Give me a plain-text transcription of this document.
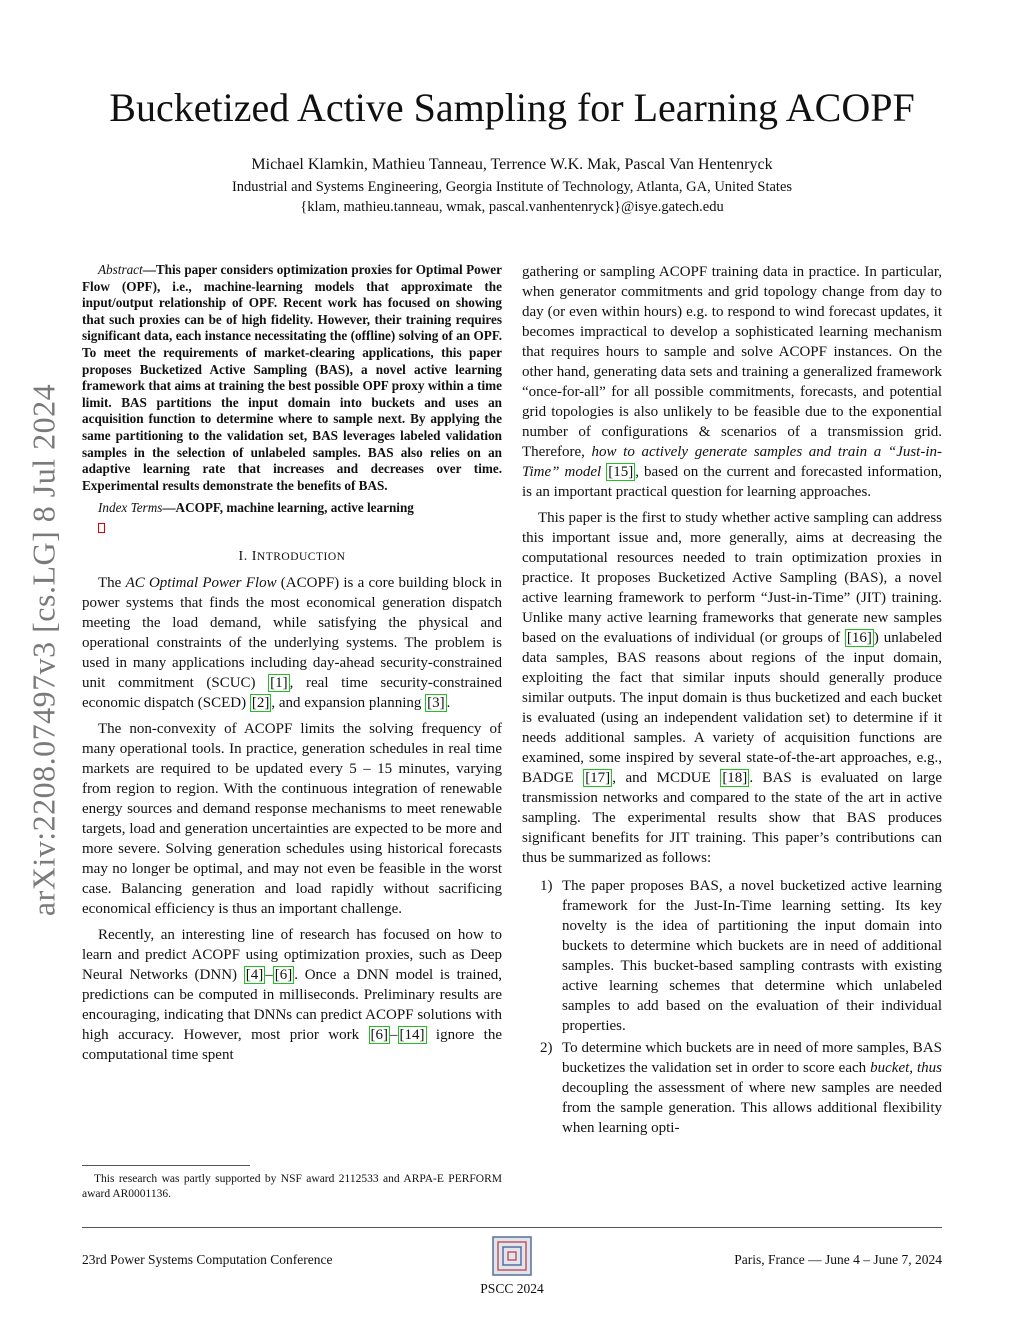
arXiv:2208.07497v3 [cs.LG] 8 Jul 2024
Bucketized Active Sampling for Learning ACOPF
Michael Klamkin, Mathieu Tanneau, Terrence W.K. Mak, Pascal Van Hentenryck
Industrial and Systems Engineering, Georgia Institute of Technology, Atlanta, GA, United States
{klam, mathieu.tanneau, wmak, pascal.vanhentenryck}@isye.gatech.edu

Abstract—This paper considers optimization proxies for Optimal Power Flow (OPF), i.e., machine-learning models that approximate the input/output relationship of OPF. Recent work has focused on showing that such proxies can be of high fidelity. However, their training requires significant data, each instance necessitating the (offline) solving of an OPF. To meet the requirements of market-clearing applications, this paper proposes Bucketized Active Sampling (BAS), a novel active learning framework that aims at training the best possible OPF proxy within a time limit. BAS partitions the input domain into buckets and uses an acquisition function to determine where to sample next. By applying the same partitioning to the validation set, BAS leverages labeled validation samples in the selection of unlabeled samples. BAS also relies on an adaptive learning rate that increases and decreases over time. Experimental results demonstrate the benefits of BAS.

Index Terms—ACOPF, machine learning, active learning

I. INTRODUCTION

The AC Optimal Power Flow (ACOPF) is a core building block in power systems that finds the most economical generation dispatch meeting the load demand, while satisfying the physical and operational constraints of the underlying systems. The problem is used in many applications including day-ahead security-constrained unit commitment (SCUC) [1] , real time security-constrained economic dispatch (SCED) [2] , and expansion planning [3] .

The non-convexity of ACOPF limits the solving frequency of many operational tools. In practice, generation schedules in real time markets are required to be updated every 5 – 15 minutes, varying from region to region. With the continuous integration of renewable energy sources and demand response mechanisms to meet renewable targets, load and generation uncertainties are expected to be more and more severe. Solving generation schedules using historical forecasts may no longer be optimal, and may not even be feasible in the worst case. Balancing generation and load rapidly without sacrificing economical efficiency is thus an important challenge.

Recently, an interesting line of research has focused on how to learn and predict ACOPF using optimization proxies, such as Deep Neural Networks (DNN) [4] – [6] . Once a DNN model is trained, predictions can be computed in milliseconds. Preliminary results are encouraging, indicating that DNNs can predict ACOPF solutions with high accuracy. However, most prior work [6] – [14] ignore the computational time spent

This research was partly supported by NSF award 2112533 and ARPA-E PERFORM award AR0001136.

gathering or sampling ACOPF training data in practice. In particular, when generator commitments and grid topology change from day to day (or even within hours) e.g. to respond to wind forecast updates, it becomes impractical to develop a sophisticated learning mechanism that requires hours to sample and solve ACOPF instances. On the other hand, generating data sets and training a generalized framework “once-for-all” for all possible commitments, forecasts, and potential grid topologies is also unlikely to be feasible due to the exponential number of configurations & scenarios of a transmission grid. Therefore, how to actively generate samples and train a “Just-in-Time” model [15] , based on the current and forecasted information, is an important practical question for learning approaches.

This paper is the first to study whether active sampling can address this important issue and, more generally, aims at decreasing the computational resources needed to train optimization proxies in practice. It proposes Bucketized Active Sampling (BAS), a novel active learning framework to perform “Just-in-Time” (JIT) training. Unlike many active learning frameworks that generate new samples based on the evaluations of individual (or groups of [16] ) unlabeled data samples, BAS reasons about regions of the input domain, exploiting the fact that similar inputs should generally produce similar outputs. The input domain is thus bucketized and each bucket is evaluated (using an independent validation set) to determine if it needs additional samples. A variety of acquisition functions are examined, some inspired by several state-of-the-art approaches, e.g., BADGE [17] , and MCDUE [18] . BAS is evaluated on large transmission networks and compared to the state of the art in active sampling. The experimental results show that BAS produces significant benefits for JIT training. This paper’s contributions can thus be summarized as follows:

1) The paper proposes BAS, a novel bucketized active learning framework for the Just-In-Time learning setting. Its key novelty is the idea of partitioning the input domain into buckets to determine which buckets are in need of additional samples. This bucket-based sampling contrasts with existing active learning schemes that determine which unlabeled samples to add based on the evaluation of their individual properties.
2) To determine which buckets are in need of more samples, BAS bucketizes the validation set in order to score each bucket, thus decoupling the assessment of where new samples are needed from the sample generation. This allows additional flexibility when learning opti-
23rd Power Systems Computation Conference
PSCC 2024
Paris, France — June 4 – June 7, 2024
